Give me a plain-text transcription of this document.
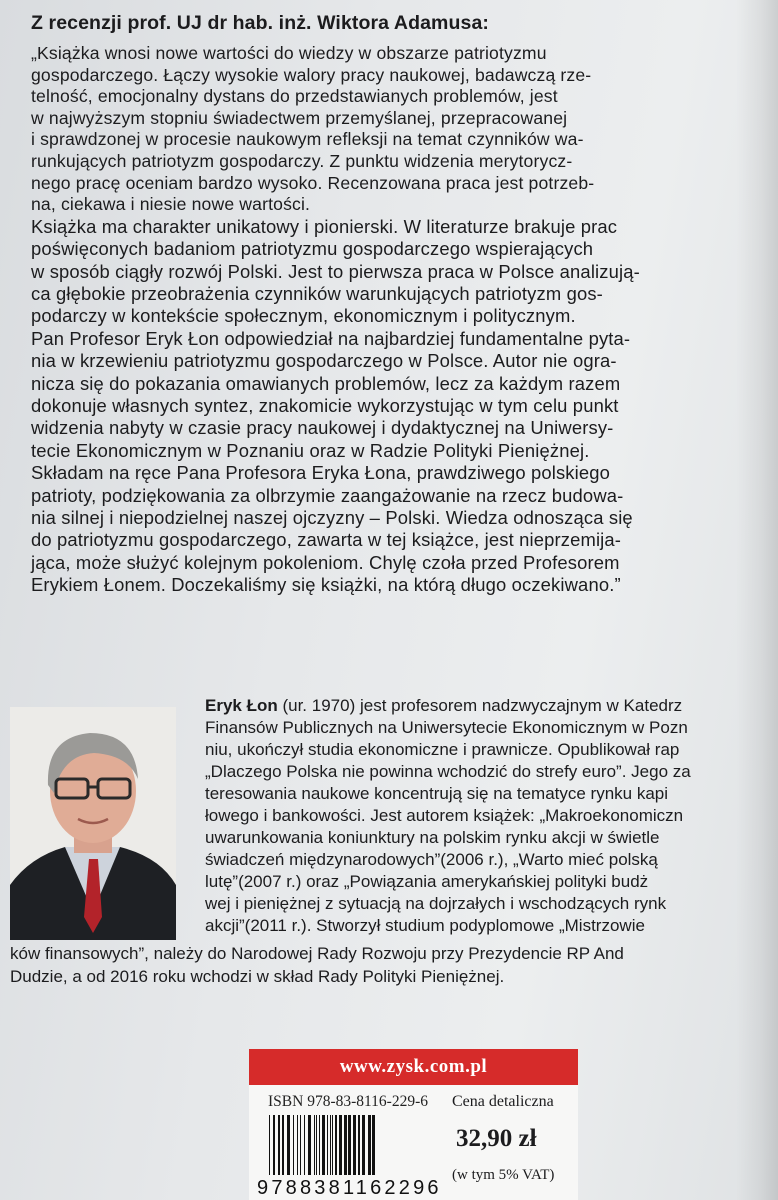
Z recenzji prof. UJ dr hab. inż. Wiktora Adamusa:
„Książka wnosi nowe wartości do wiedzy w obszarze patriotyzmu
gospodarczego. Łączy wysokie walory pracy naukowej, badawczą rze-
telność, emocjonalny dystans do przedstawianych problemów, jest
w najwyższym stopniu świadectwem przemyślanej, przepracowanej
i sprawdzonej w procesie naukowym refleksji na temat czynników wa-
runkujących patriotyzm gospodarczy. Z punktu widzenia merytorycz-
nego pracę oceniam bardzo wysoko. Recenzowana praca jest potrzeb-
na, ciekawa i niesie nowe wartości.
Książka ma charakter unikatowy i pionierski. W literaturze brakuje prac
poświęconych badaniom patriotyzmu gospodarczego wspierających
w sposób ciągły rozwój Polski. Jest to pierwsza praca w Polsce analizują-
ca głębokie przeobrażenia czynników warunkujących patriotyzm gos-
podarczy w kontekście społecznym, ekonomicznym i politycznym.
Pan Profesor Eryk Łon odpowiedział na najbardziej fundamentalne pyta-
nia w krzewieniu patriotyzmu gospodarczego w Polsce. Autor nie ogra-
nicza się do pokazania omawianych problemów, lecz za każdym razem
dokonuje własnych syntez, znakomicie wykorzystując w tym celu punkt
widzenia nabyty w czasie pracy naukowej i dydaktycznej na Uniwersy-
tecie Ekonomicznym w Poznaniu oraz w Radzie Polityki Pieniężnej.
Składam na ręce Pana Profesora Eryka Łona, prawdziwego polskiego
patrioty, podziękowania za olbrzymie zaangażowanie na rzecz budowa-
nia silnej i niepodzielnej naszej ojczyzny – Polski. Wiedza odnosząca się
do patriotyzmu gospodarczego, zawarta w tej książce, jest nieprzemija-
jąca, może służyć kolejnym pokoleniom. Chylę czoła przed Profesorem
Erykiem Łonem. Doczekaliśmy się książki, na którą długo oczekiwano.”
Eryk Łon (ur. 1970) jest profesorem nadzwyczajnym w Katedrz
Finansów Publicznych na Uniwersytecie Ekonomicznym w Pozn
niu, ukończył studia ekonomiczne i prawnicze. Opublikował rap
„Dlaczego Polska nie powinna wchodzić do strefy euro”. Jego za
teresowania naukowe koncentrują się na tematyce rynku kapi
łowego i bankowości. Jest autorem książek: „Makroekonomiczn
uwarunkowania koniunktury na polskim rynku akcji w świetle
świadczeń międzynarodowych”(2006 r.), „Warto mieć polską
lutę”(2007 r.) oraz „Powiązania amerykańskiej polityki budż
wej i pieniężnej z sytuacją na dojrzałych i wschodzących rynk
akcji”(2011 r.). Stworzył studium podyplomowe „Mistrzowie
ków finansowych”, należy do Narodowej Rady Rozwoju przy Prezydencie RP And
Dudzie, a od 2016 roku wchodzi w skład Rady Polityki Pieniężnej.
www.zysk.com.pl
ISBN 978-83-8116-229-6 Cena detaliczna
32,90 zł
(w tym 5% VAT)
9788381162296
